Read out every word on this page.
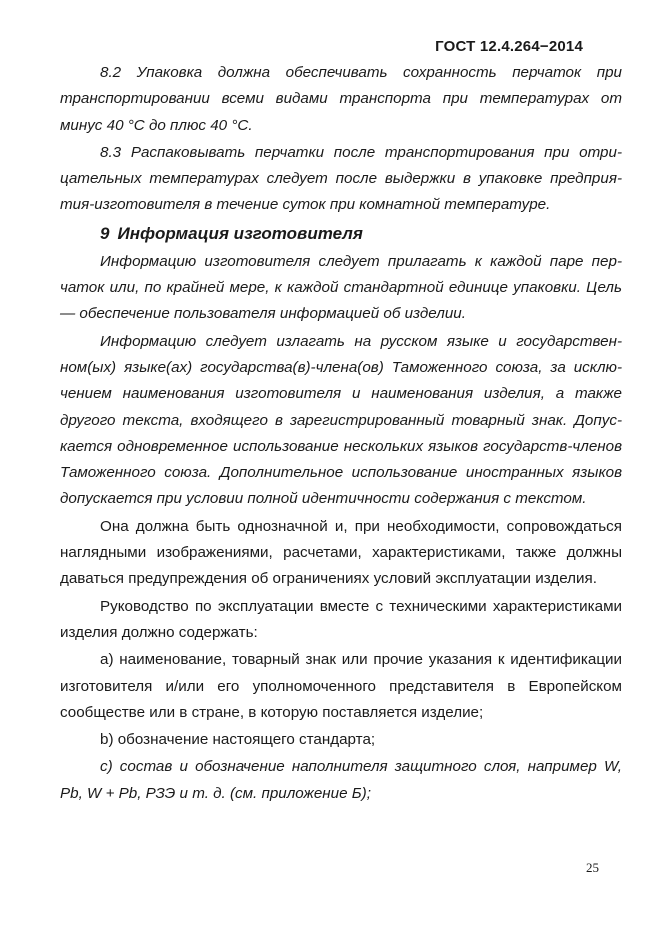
ГОСТ 12.4.264−2014

8.2 Упаковка должна обеспечивать сохранность перчаток при транспортировании всеми видами транспорта при температурах от минус 40 °С до плюс 40 °С.

8.3 Распаковывать перчатки после транспортирования при отрицательных температурах следует после выдержки в упаковке предприятия-изготовителя в течение суток при комнатной температуре.

9 Информация изготовителя

Информацию изготовителя следует прилагать к каждой паре перчаток или, по крайней мере, к каждой стандартной единице упаковки. Цель — обеспечение пользователя информацией об изделии.

Информацию следует излагать на русском языке и государственном(ых) языке(ах) государства(в)-члена(ов) Таможенного союза, за исключением наименования изготовителя и наименования изделия, а также другого текста, входящего в зарегистрированный товарный знак. Допускается одновременное использование нескольких языков государств-членов Таможенного союза. Дополнительное использование иностранных языков допускается при условии полной идентичности содержания с текстом.

Она должна быть однозначной и, при необходимости, сопровождаться наглядными изображениями, расчетами, характеристиками, также должны даваться предупреждения об ограничениях условий эксплуатации изделия.

Руководство по эксплуатации вместе с техническими характеристиками изделия должно содержать:

а) наименование, товарный знак или прочие указания к идентификации изготовителя и/или его уполномоченного представителя в Европейском сообществе или в стране, в которую поставляется изделие;

b) обозначение настоящего стандарта;

с) состав и обозначение наполнителя защитного слоя, например W, Pb, W + Pb, РЗЭ и т. д. (см. приложение Б);

25
